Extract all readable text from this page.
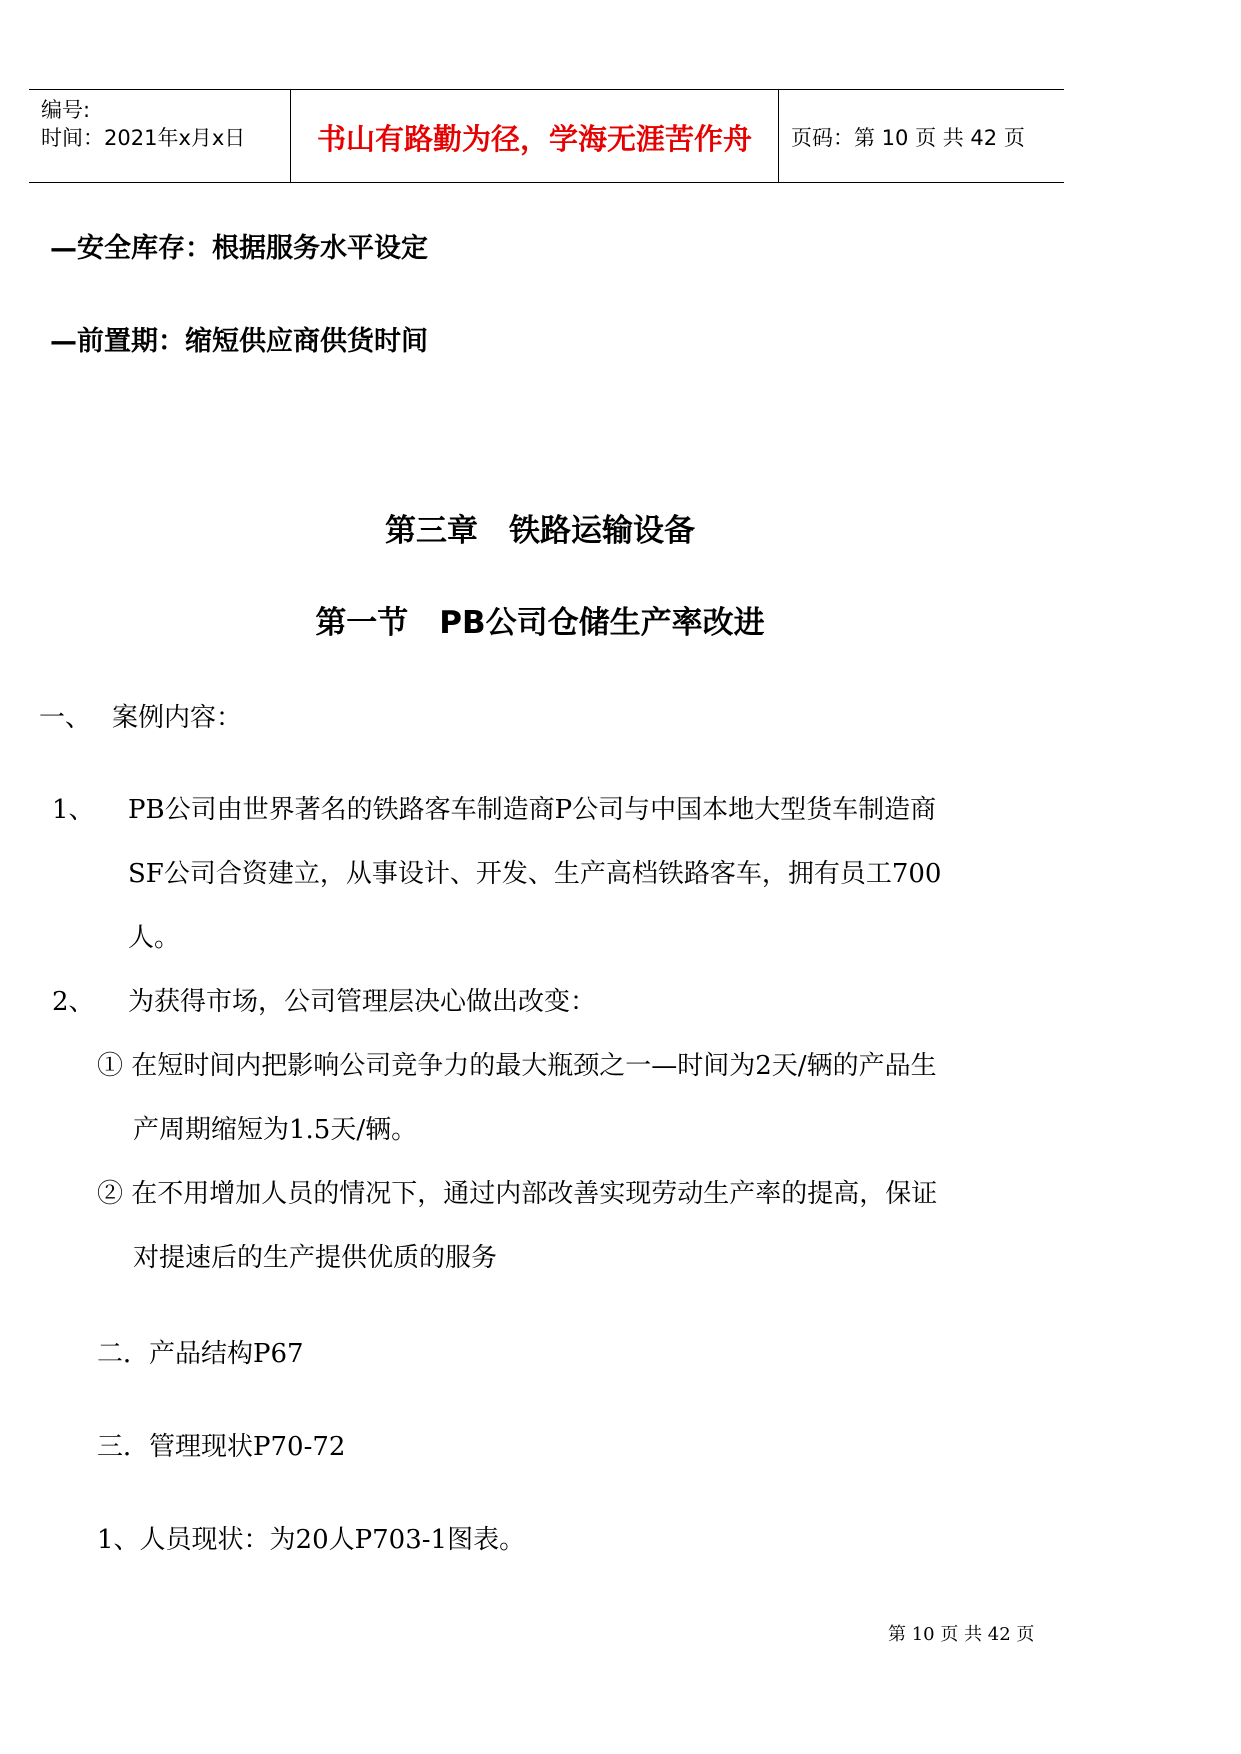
编号:
时间：2021年x月x日	书山有路勤为径，学海无涯苦作舟	页码：第 10 页 共 42 页
—安全库存：根据服务水平设定
—前置期：缩短供应商供货时间
第三章　铁路运输设备
第一节　PB公司仓储生产率改进
一、 案例内容：
1、 PB公司由世界著名的铁路客车制造商P公司与中国本地大型货车制造商
SF公司合资建立，从事设计、开发、生产高档铁路客车，拥有员工700
人。
2、 为获得市场，公司管理层决心做出改变：
① 在短时间内把影响公司竞争力的最大瓶颈之一—时间为2天/辆的产品生
产周期缩短为1.5天/辆。
② 在不用增加人员的情况下，通过内部改善实现劳动生产率的提高，保证
对提速后的生产提供优质的服务
二．产品结构P67
三．管理现状P70-72
1、人员现状：为20人P703-1图表。
第 10 页 共 42 页
